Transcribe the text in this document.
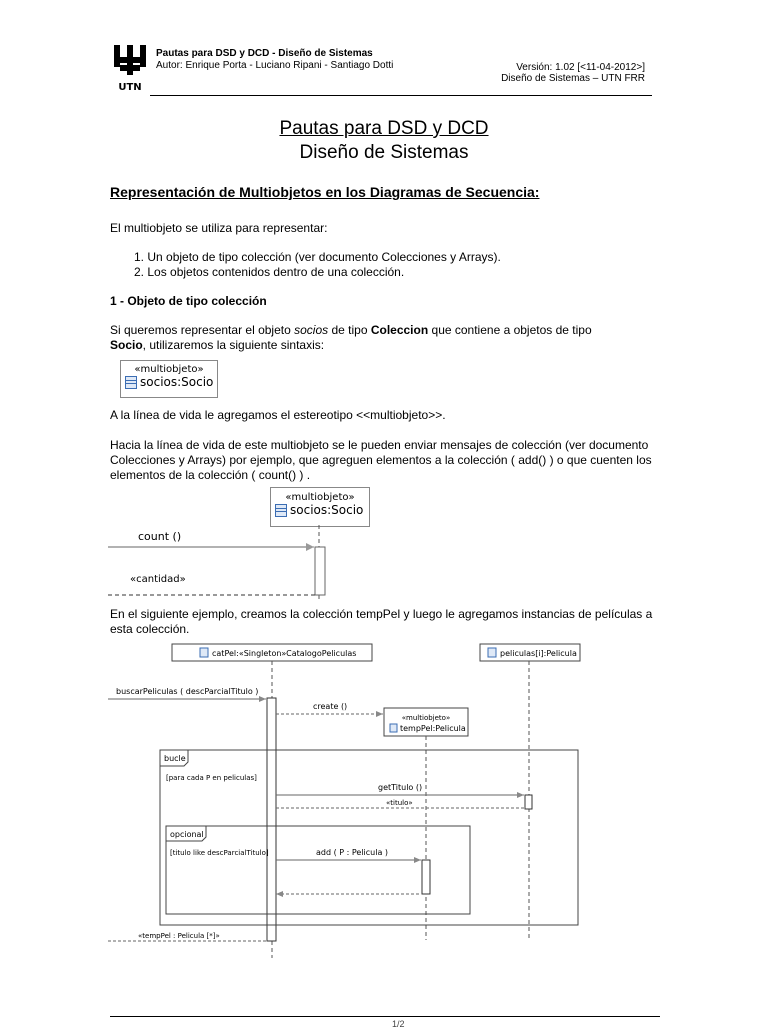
UTN
Pautas para DSD y DCD - Diseño de Sistemas
Autor: Enrique Porta - Luciano Ripani - Santiago Dotti	Versión: 1.02 [<11-04-2012>]
Diseño de Sistemas – UTN FRR
Pautas para DSD y DCD
Diseño de Sistemas
Representación de Multiobjetos en los Diagramas de Secuencia:
El multiobjeto se utiliza para representar:
1. Un objeto de tipo colección (ver documento Colecciones y Arrays).
2. Los objetos contenidos dentro de una colección.
1 - Objeto de tipo colección
Si queremos representar el objeto socios de tipo Coleccion que contiene a objetos de tipo
Socio, utilizaremos la siguiente sintaxis:
«multiobjeto»
socios:Socio
A la línea de vida le agregamos el estereotipo <<multiobjeto>>.
Hacia la línea de vida de este multiobjeto se le pueden enviar mensajes de colección (ver documento Colecciones y Arrays) por ejemplo, que agreguen elementos a la colección ( add() ) o que cuenten los elementos de la colección ( count() ) .
«multiobjeto»
socios:Socio
count ()
«cantidad»
En el siguiente ejemplo, creamos la colección tempPel y luego le agregamos instancias de películas a esta colección.
catPel:«Singleton»CatalogoPeliculas	peliculas[i]:Pelicula
buscarPeliculas ( descParcialTitulo )
create ()
«multiobjeto»
tempPel:Pelicula
bucle
[para cada P en peliculas]
getTitulo ()
«titulo»
opcional
[titulo like descParcialTitulo]	add ( P : Pelicula )
«tempPel : Pelicula [*]»
1/2
